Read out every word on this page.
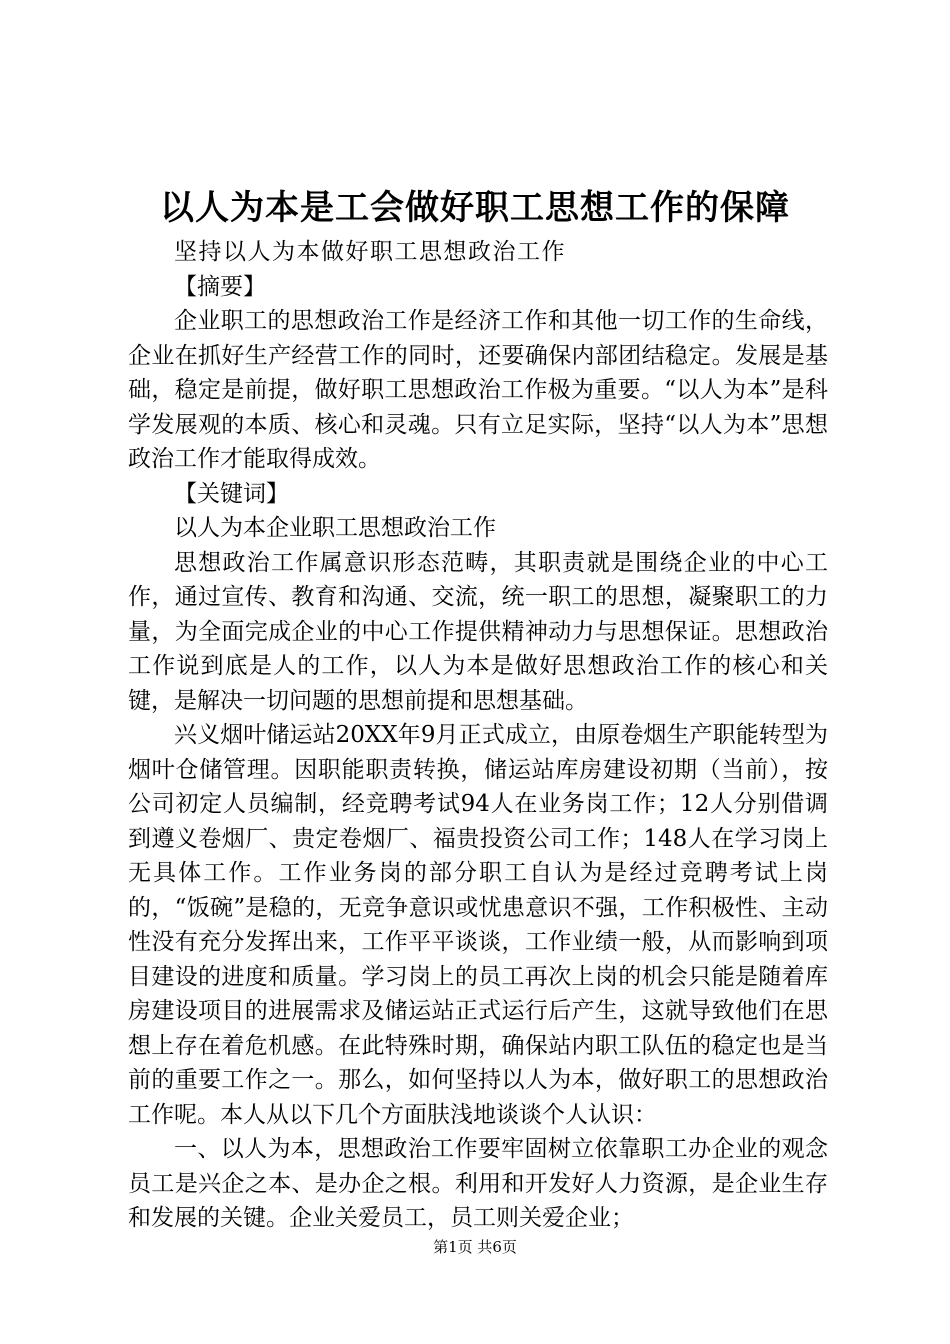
以人为本是工会做好职工思想工作的保障

坚持以人为本做好职工思想政治工作

【摘要】

企业职工的思想政治工作是经济工作和其他一切工作的生命线，企业在抓好生产经营工作的同时，还要确保内部团结稳定。发展是基础，稳定是前提，做好职工思想政治工作极为重要。“以人为本”是科学发展观的本质、核心和灵魂。只有立足实际，坚持“以人为本”思想政治工作才能取得成效。

【关键词】

以人为本企业职工思想政治工作

思想政治工作属意识形态范畴，其职责就是围绕企业的中心工作，通过宣传、教育和沟通、交流，统一职工的思想，凝聚职工的力量，为全面完成企业的中心工作提供精神动力与思想保证。思想政治工作说到底是人的工作，以人为本是做好思想政治工作的核心和关键，是解决一切问题的思想前提和思想基础。

兴义烟叶储运站20XX年9月正式成立，由原卷烟生产职能转型为烟叶仓储管理。因职能职责转换，储运站库房建设初期（当前），按公司初定人员编制，经竞聘考试94人在业务岗工作；12人分别借调到遵义卷烟厂、贵定卷烟厂、福贵投资公司工作；148人在学习岗上无具体工作。工作业务岗的部分职工自认为是经过竞聘考试上岗的，“饭碗”是稳的，无竞争意识或忧患意识不强，工作积极性、主动性没有充分发挥出来，工作平平谈谈，工作业绩一般，从而影响到项目建设的进度和质量。学习岗上的员工再次上岗的机会只能是随着库房建设项目的进展需求及储运站正式运行后产生，这就导致他们在思想上存在着危机感。在此特殊时期，确保站内职工队伍的稳定也是当前的重要工作之一。那么，如何坚持以人为本，做好职工的思想政治工作呢。本人从以下几个方面肤浅地谈谈个人认识：

一、以人为本，思想政治工作要牢固树立依靠职工办企业的观念员工是兴企之本、是办企之根。利用和开发好人力资源，是企业生存和发展的关键。企业关爱员工，员工则关爱企业；

第1页 共6页
